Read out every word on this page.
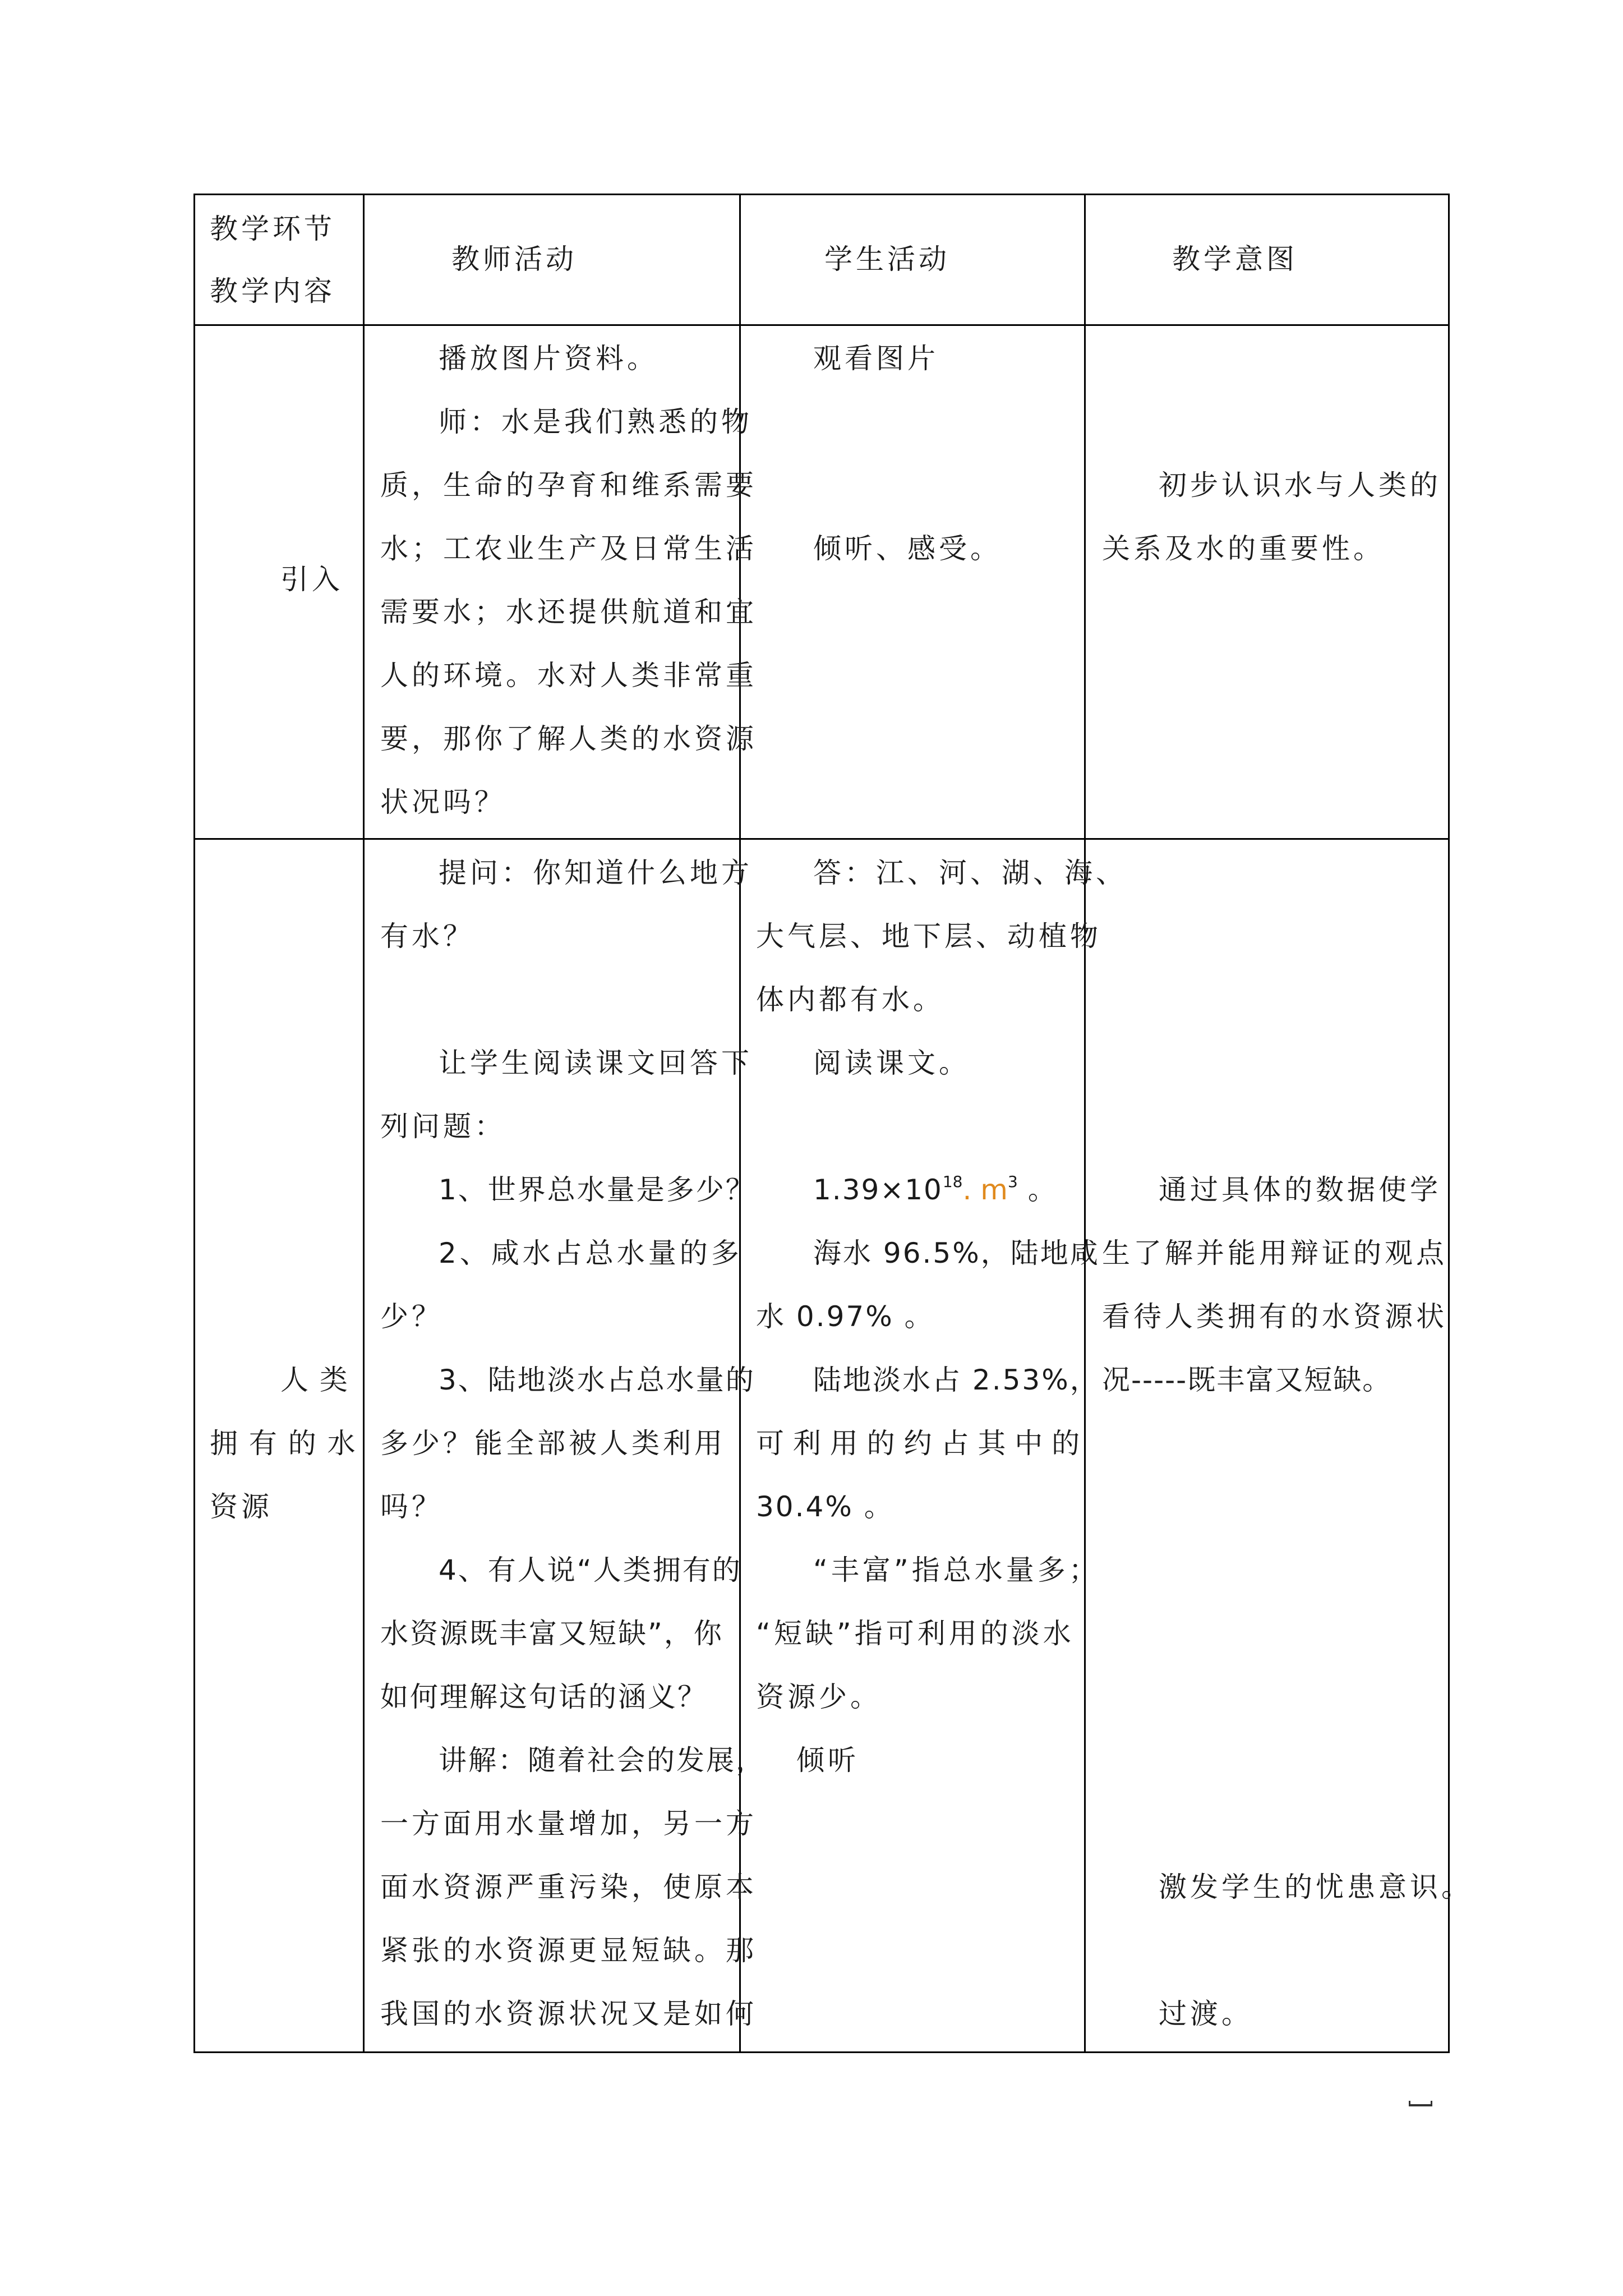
教学环节
教学内容
教师活动	学生活动	教学意图
引入
播放图片资料。
师：水是我们熟悉的物
质，生命的孕育和维系需要
水；工农业生产及日常生活
需要水；水还提供航道和宜
人的环境。水对人类非常重
要，那你了解人类的水资源
状况吗？
观看图片
倾听、感受。
初步认识水与人类的
关系及水的重要性。
人 类
拥 有 的 水
资源
提问：你知道什么地方
有水？
让学生阅读课文回答下
列问题：
1、世界总水量是多少？
2、咸水占总水量的多
少？
3、陆地淡水占总水量的
多少？能全部被人类利用
吗？
4、有人说“人类拥有的
水资源既丰富又短缺”，你
如何理解这句话的涵义？
讲解：随着社会的发展，
一方面用水量增加，另一方
面水资源严重污染，使原本
紧张的水资源更显短缺。那
我国的水资源状况又是如何
答：江、河、湖、海、
大气层、地下层、动植物
体内都有水。
阅读课文。
$1.39\times 10^{18}$. $m^3$ 。
海水 96.5%，陆地咸
水 0.97% 。
陆地淡水占 2.53%，
可 利 用 的 约 占 其 中 的
30.4% 。
“丰富”指总水量多；
“短缺”指可利用的淡水
资源少。
倾听
通过具体的数据使学
生了解并能用辩证的观点
看待人类拥有的水资源状
况-----既丰富又短缺。
激发学生的忧患意识。
过渡。
